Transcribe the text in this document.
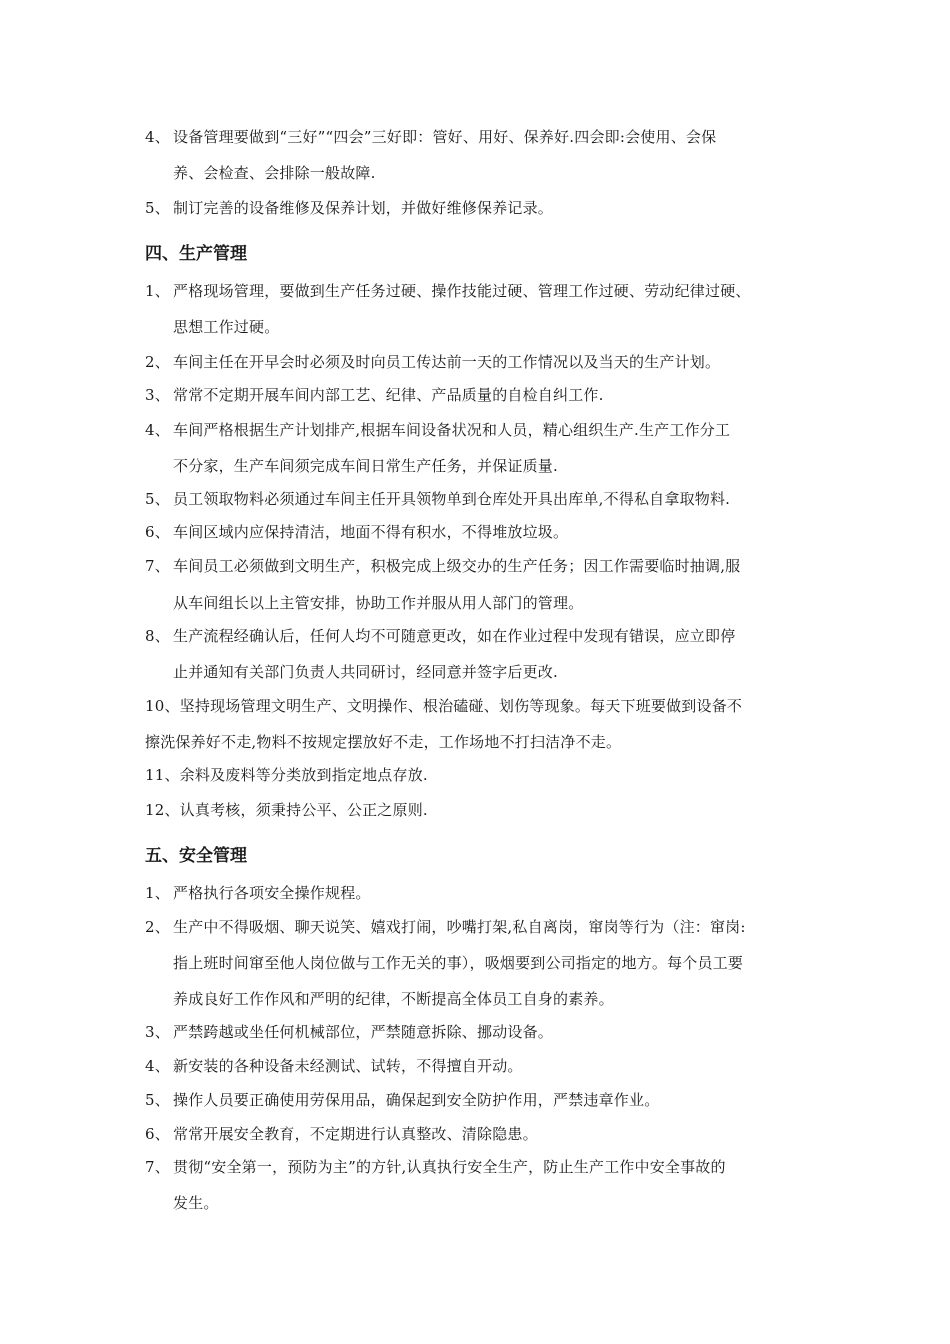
4、 设备管理要做到“三好”“四会”三好即：管好、用好、保养好.四会即:会使用、会保
养、会检查、会排除一般故障.
5、 制订完善的设备维修及保养计划，并做好维修保养记录。
四、生产管理
1、 严格现场管理，要做到生产任务过硬、操作技能过硬、管理工作过硬、劳动纪律过硬、
思想工作过硬。
2、 车间主任在开早会时必须及时向员工传达前一天的工作情况以及当天的生产计划。
3、 常常不定期开展车间内部工艺、纪律、产品质量的自检自纠工作.
4、 车间严格根据生产计划排产,根据车间设备状况和人员，精心组织生产.生产工作分工
不分家，生产车间须完成车间日常生产任务，并保证质量.
5、 员工领取物料必须通过车间主任开具领物单到仓库处开具出库单,不得私自拿取物料.
6、 车间区域内应保持清洁，地面不得有积水，不得堆放垃圾。
7、 车间员工必须做到文明生产，积极完成上级交办的生产任务；因工作需要临时抽调,服
从车间组长以上主管安排，协助工作并服从用人部门的管理。
8、 生产流程经确认后，任何人均不可随意更改，如在作业过程中发现有错误，应立即停
止并通知有关部门负责人共同研讨，经同意并签字后更改.
10、坚持现场管理文明生产、文明操作、根治磕碰、划伤等现象。每天下班要做到设备不
擦洗保养好不走,物料不按规定摆放好不走，工作场地不打扫洁净不走。
11、余料及废料等分类放到指定地点存放.
12、认真考核，须秉持公平、公正之原则.
五、安全管理
1、 严格执行各项安全操作规程。
2、 生产中不得吸烟、聊天说笑、嬉戏打闹，吵嘴打架,私自离岗，窜岗等行为（注：窜岗:
指上班时间窜至他人岗位做与工作无关的事），吸烟要到公司指定的地方。每个员工要
养成良好工作作风和严明的纪律，不断提高全体员工自身的素养。
3、 严禁跨越或坐任何机械部位，严禁随意拆除、挪动设备。
4、 新安装的各种设备未经测试、试转，不得擅自开动。
5、 操作人员要正确使用劳保用品，确保起到安全防护作用，严禁违章作业。
6、 常常开展安全教育，不定期进行认真整改、清除隐患。
7、 贯彻“安全第一，预防为主”的方针,认真执行安全生产，防止生产工作中安全事故的
发生。
